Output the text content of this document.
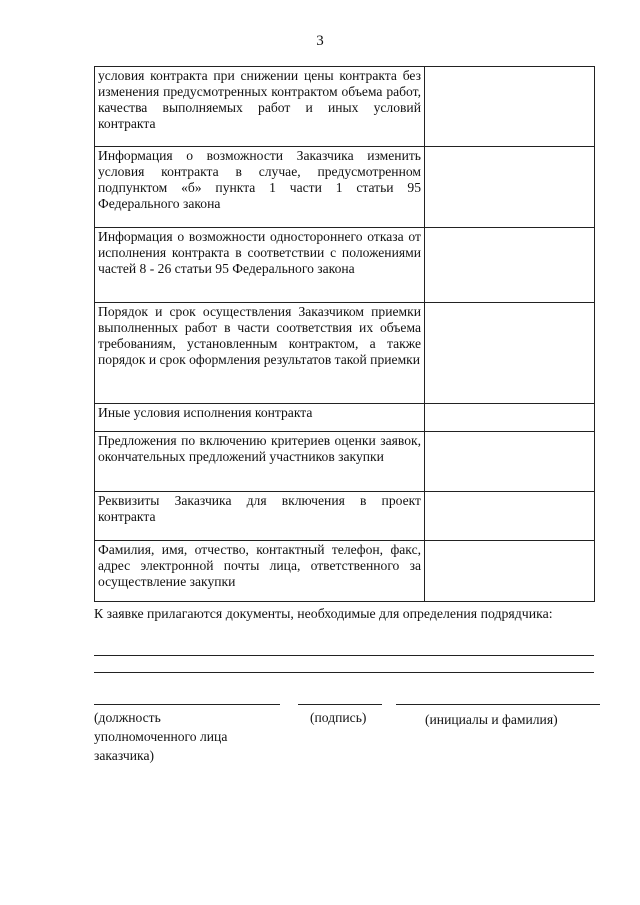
3
условия контракта при снижении цены контракта без изменения предусмотренных контрактом объема работ, качества выполняемых работ и иных условий контракта	
Информация о возможности Заказчика изменить условия контракта в случае, предусмотренном подпунктом «б» пункта 1 части 1 статьи 95 Федерального закона	
Информация о возможности одностороннего отказа от исполнения контракта в соответствии с положениями частей 8 - 26 статьи 95 Федерального закона	
Порядок и срок осуществления Заказчиком приемки выполненных работ в части соответствия их объема требованиям, установленным контрактом, а также порядок и срок оформления результатов такой приемки	
Иные условия исполнения контракта	
Предложения по включению критериев оценки заявок, окончательных предложений участников закупки	
Реквизиты Заказчика для включения в проект контракта	
Фамилия, имя, отчество, контактный телефон, факс, адрес электронной почты лица, ответственного за осуществление закупки	
К заявке прилагаются документы, необходимые для определения подрядчика:
(должность
уполномоченного лица
заказчика)
(подпись)	(инициалы и фамилия)
